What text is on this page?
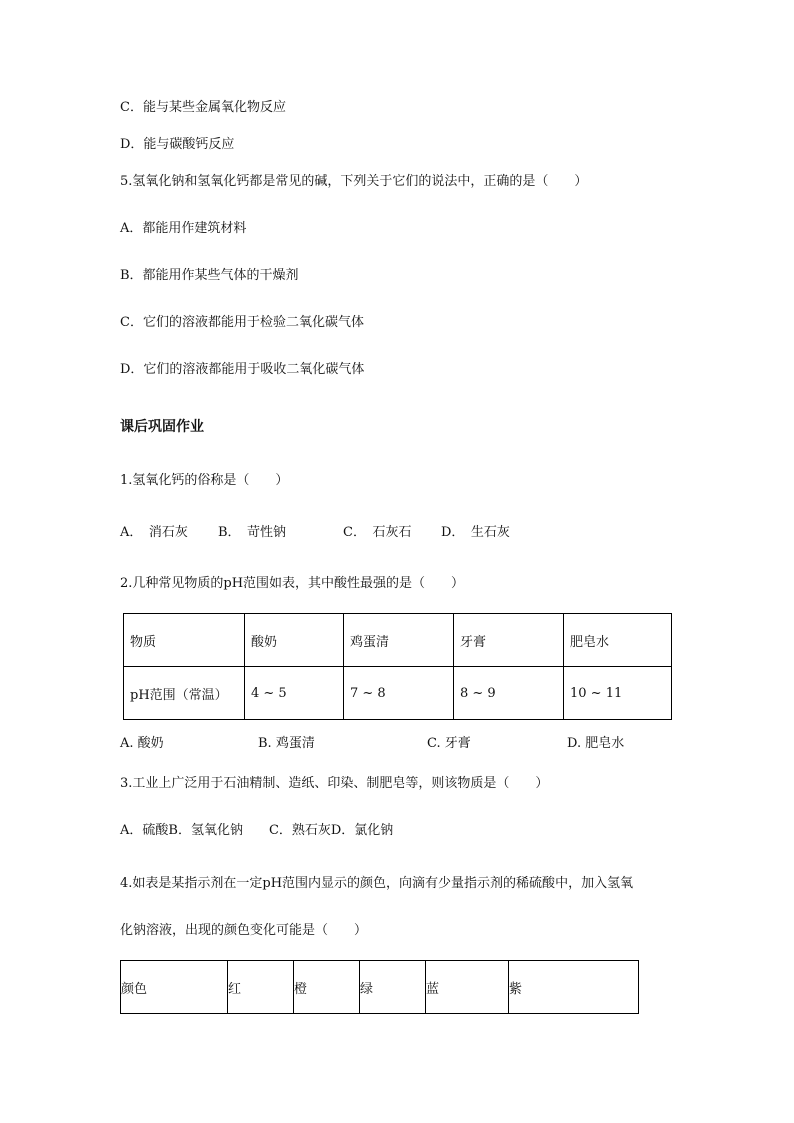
C．能与某些金属氧化物反应
D．能与碳酸钙反应
5.氢氧化钠和氢氧化钙都是常见的碱，下列关于它们的说法中，正确的是（　　）
A．都能用作建筑材料
B．都能用作某些气体的干燥剂
C．它们的溶液都能用于检验二氧化碳气体
D．它们的溶液都能用于吸收二氧化碳气体
课后巩固作业
1.氢氧化钙的俗称是（　　）
A．　消石灰 B．　苛性钠	C．　石灰石 D．　生石灰
2.几种常见物质的pH范围如表，其中酸性最强的是（　　）
物质	酸奶	鸡蛋清	牙膏	肥皂水
pH范围（常温）	4 ~ 5	7 ~ 8	8 ~ 9	10 ~ 11
A. 酸奶	B. 鸡蛋清	C. 牙膏	D. 肥皂水
3.工业上广泛用于石油精制、造纸、印染、制肥皂等，则该物质是（　　）
A．硫酸B．氢氧化钠　　C．熟石灰D．氯化钠
4.如表是某指示剂在一定pH范围内显示的颜色，向滴有少量指示剂的稀硫酸中，加入氢氧
化钠溶液，出现的颜色变化可能是（　　）
颜色	红	橙	绿	蓝	紫
